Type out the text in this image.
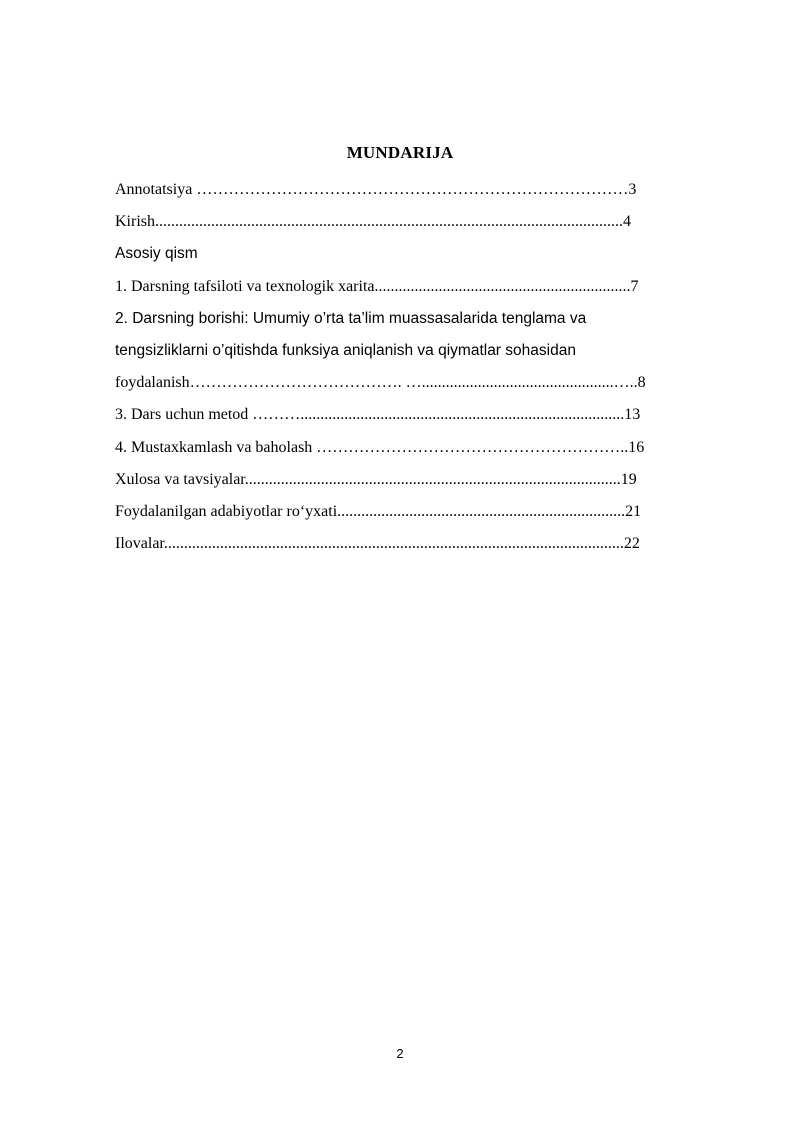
MUNDARIJA
Annotatsiya ………………………………………………………………………3
Kirish.....................................................................................................................4
Asosiy qism
1. Darsning tafsiloti va texnologik xarita................................................................7
2. Darsning borishi: Umumiy o’rta ta’lim muassasalarida tenglama va
tengsizliklarni o’qitishda funksiya aniqlanish va qiymatlar sohasidan
foydalanish…………………………………. …................................................…..8
3. Dars uchun metod ……….................................................................................13
4. Mustaxkamlash va baholash …………………………………………………..16
Xulosa va tavsiyalar..............................................................................................19
Foydalanilgan adabiyotlar ro‘yxati........................................................................21
Ilovalar...................................................................................................................22
2
